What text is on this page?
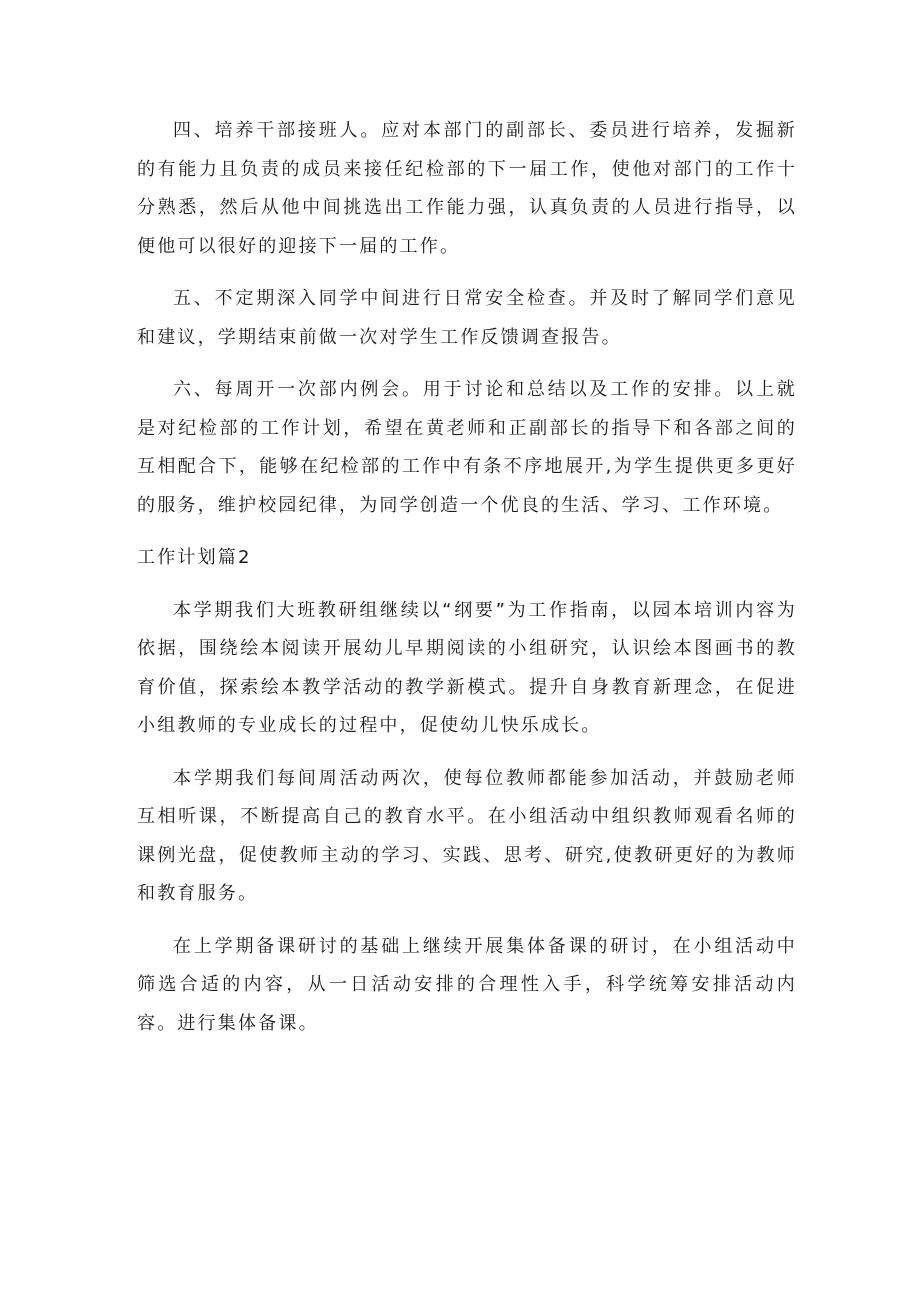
四、培养干部接班人。应对本部门的副部长、委员进行培养，发掘新的有能力且负责的成员来接任纪检部的下一届工作，使他对部门的工作十分熟悉，然后从他中间挑选出工作能力强，认真负责的人员进行指导，以便他可以很好的迎接下一届的工作。

五、不定期深入同学中间进行日常安全检查。并及时了解同学们意见和建议，学期结束前做一次对学生工作反馈调查报告。

六、每周开一次部内例会。用于讨论和总结以及工作的安排。以上就是对纪检部的工作计划，希望在黄老师和正副部长的指导下和各部之间的互相配合下，能够在纪检部的工作中有条不序地展开,为学生提供更多更好的服务，维护校园纪律，为同学创造一个优良的生活、学习、工作环境。

工作计划篇2

本学期我们大班教研组继续以“纲要”为工作指南，以园本培训内容为依据，围绕绘本阅读开展幼儿早期阅读的小组研究，认识绘本图画书的教育价值，探索绘本教学活动的教学新模式。提升自身教育新理念，在促进小组教师的专业成长的过程中，促使幼儿快乐成长。

本学期我们每间周活动两次，使每位教师都能参加活动，并鼓励老师互相听课，不断提高自己的教育水平。在小组活动中组织教师观看名师的课例光盘，促使教师主动的学习、实践、思考、研究,使教研更好的为教师和教育服务。

在上学期备课研讨的基础上继续开展集体备课的研讨，在小组活动中筛选合适的内容，从一日活动安排的合理性入手，科学统筹安排活动内容。进行集体备课。
